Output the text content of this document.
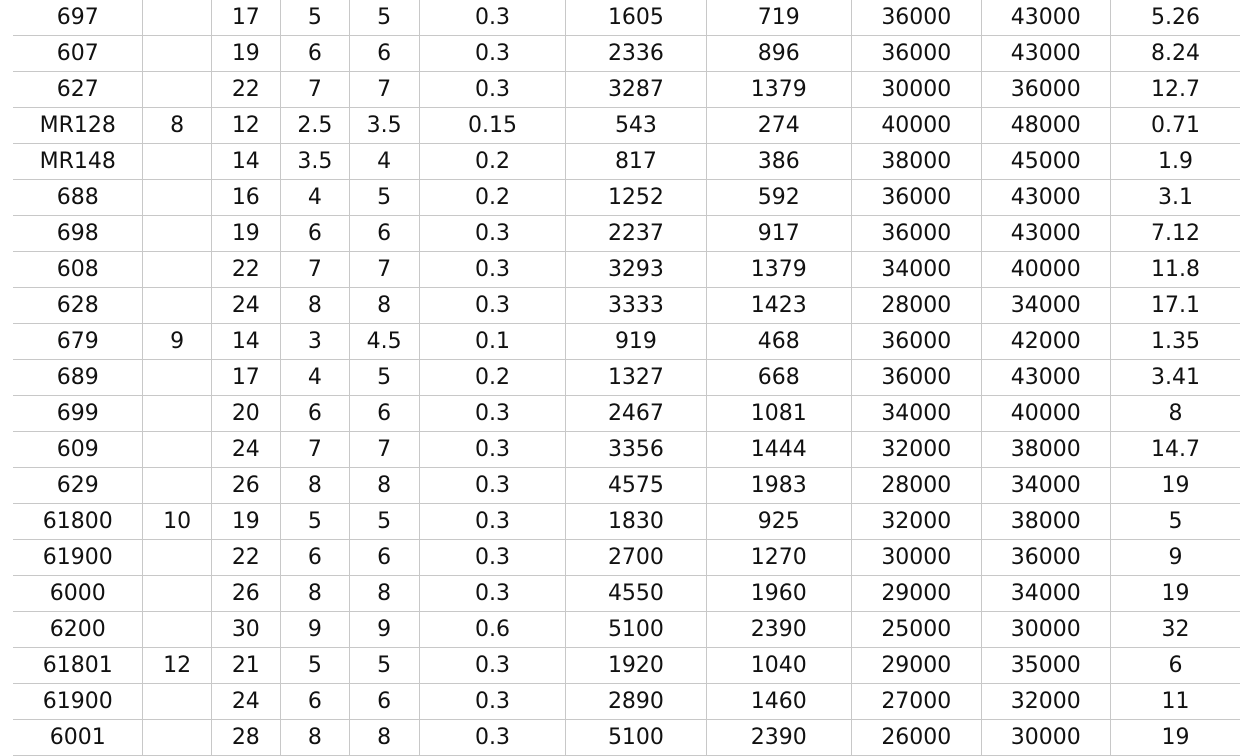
697		17	5	5	0.3	1605	719	36000	43000	5.26
607		19	6	6	0.3	2336	896	36000	43000	8.24
627		22	7	7	0.3	3287	1379	30000	36000	12.7
MR128	8	12	2.5	3.5	0.15	543	274	40000	48000	0.71
MR148		14	3.5	4	0.2	817	386	38000	45000	1.9
688		16	4	5	0.2	1252	592	36000	43000	3.1
698		19	6	6	0.3	2237	917	36000	43000	7.12
608		22	7	7	0.3	3293	1379	34000	40000	11.8
628		24	8	8	0.3	3333	1423	28000	34000	17.1
679	9	14	3	4.5	0.1	919	468	36000	42000	1.35
689		17	4	5	0.2	1327	668	36000	43000	3.41
699		20	6	6	0.3	2467	1081	34000	40000	8
609		24	7	7	0.3	3356	1444	32000	38000	14.7
629		26	8	8	0.3	4575	1983	28000	34000	19
61800	10	19	5	5	0.3	1830	925	32000	38000	5
61900		22	6	6	0.3	2700	1270	30000	36000	9
6000		26	8	8	0.3	4550	1960	29000	34000	19
6200		30	9	9	0.6	5100	2390	25000	30000	32
61801	12	21	5	5	0.3	1920	1040	29000	35000	6
61900		24	6	6	0.3	2890	1460	27000	32000	11
6001		28	8	8	0.3	5100	2390	26000	30000	19
